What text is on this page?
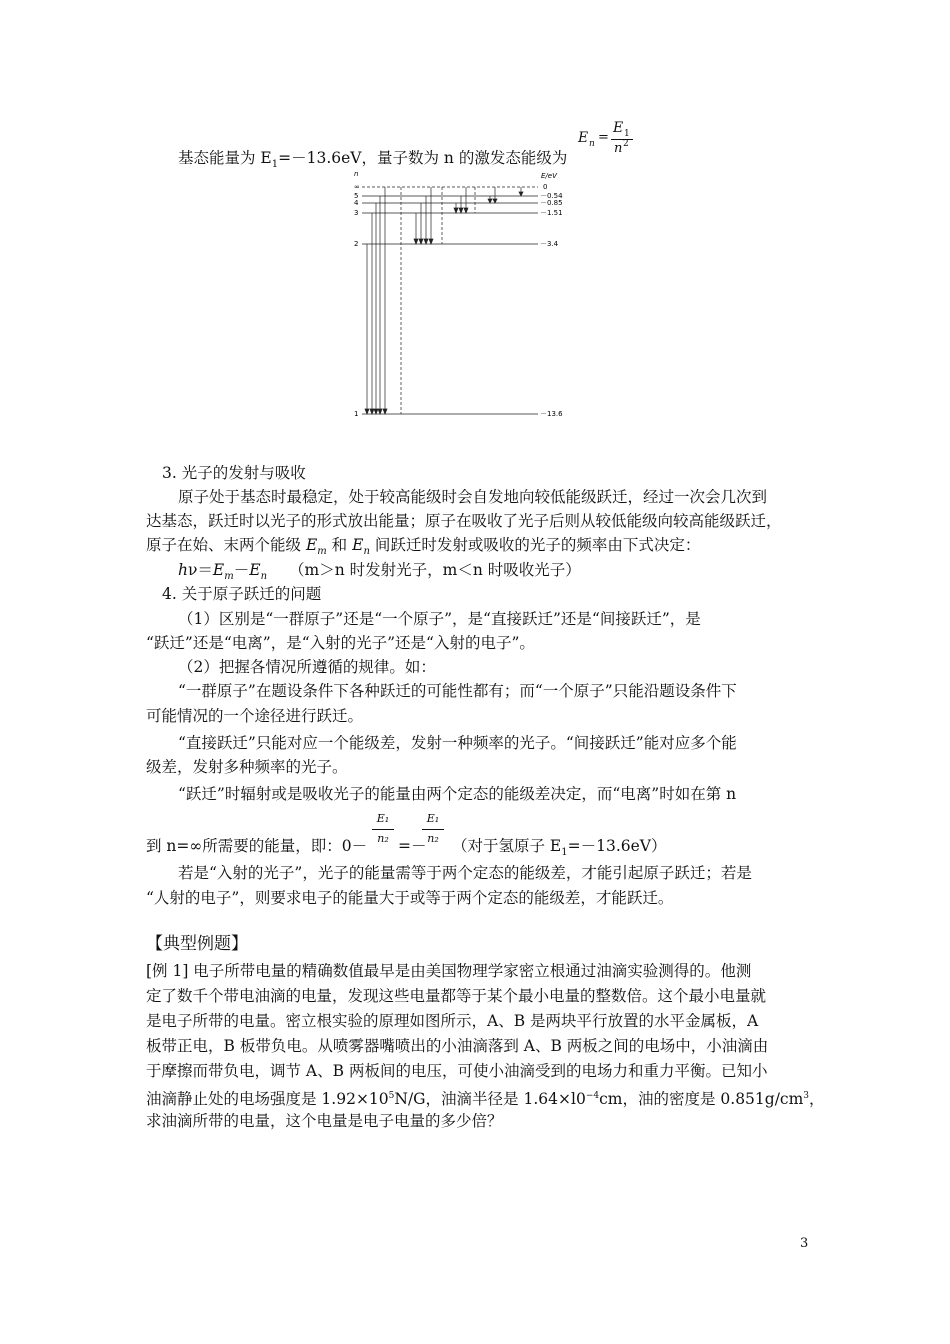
基态能量为 $E_1=-13.6eV$，量子数为 n 的激发态能级为
E n =
E 1
n 2
n	E/eV
∞
5
4
3
2
1
0
－0.54
－0.85
－1.51
－3.4
－13.6
3. 光子的发射与吸收
原子处于基态时最稳定，处于较高能级时会自发地向较低能级跃迁，经过一次会几次到
达基态，跃迁时以光子的形式放出能量；原子在吸收了光子后则从较低能级向较高能级跃迁，
原子在始、末两个能级 $E_m$ 和 $E_n$ 间跃迁时发射或吸收的光子的频率由下式决定：
$h\nu=E_m-E_n$ （m＞n 时发射光子，m＜n 时吸收光子）
4. 关于原子跃迁的问题
（1）区别是“一群原子”还是“一个原子”，是“直接跃迁”还是“间接跃迁”，是
“跃迁”还是“电离”，是“入射的光子”还是“入射的电子”。
（2）把握各情况所遵循的规律。如：
“一群原子”在题设条件下各种跃迁的可能性都有；而“一个原子”只能沿题设条件下
可能情况的一个途径进行跃迁。
“直接跃迁”只能对应一个能级差，发射一种频率的光子。“间接跃迁”能对应多个能
级差，发射多种频率的光子。
“跃迁”时辐射或是吸收光子的能量由两个定态的能级差决定，而“电离”时如在第 n
E₁
n₂
E₁
n₂
到 n=∞所需要的能量，即：0－	=－ （对于氢原子 $E_1=-13.6eV$）
若是“入射的光子”，光子的能量需等于两个定态的能级差，才能引起原子跃迁；若是
“人射的电子”，则要求电子的能量大于或等于两个定态的能级差，才能跃迁。
【典型例题】
[例 1] 电子所带电量的精确数值最早是由美国物理学家密立根通过油滴实验测得的。他测
定了数千个带电油滴的电量，发现这些电量都等于某个最小电量的整数倍。这个最小电量就
是电子所带的电量。密立根实验的原理如图所示，A、B 是两块平行放置的水平金属板，A
板带正电，B 板带负电。从喷雾器嘴喷出的小油滴落到 A、B 两板之间的电场中，小油滴由
于摩擦而带负电，调节 A、B 两板间的电压，可使小油滴受到的电场力和重力平衡。已知小
油滴静止处的电场强度是 $1.92\times 10^5N/G$，油滴半径是 $1.64\times l0^{-4}cm$，油的密度是 $0.851g/cm^3$，
求油滴所带的电量，这个电量是电子电量的多少倍？
3
